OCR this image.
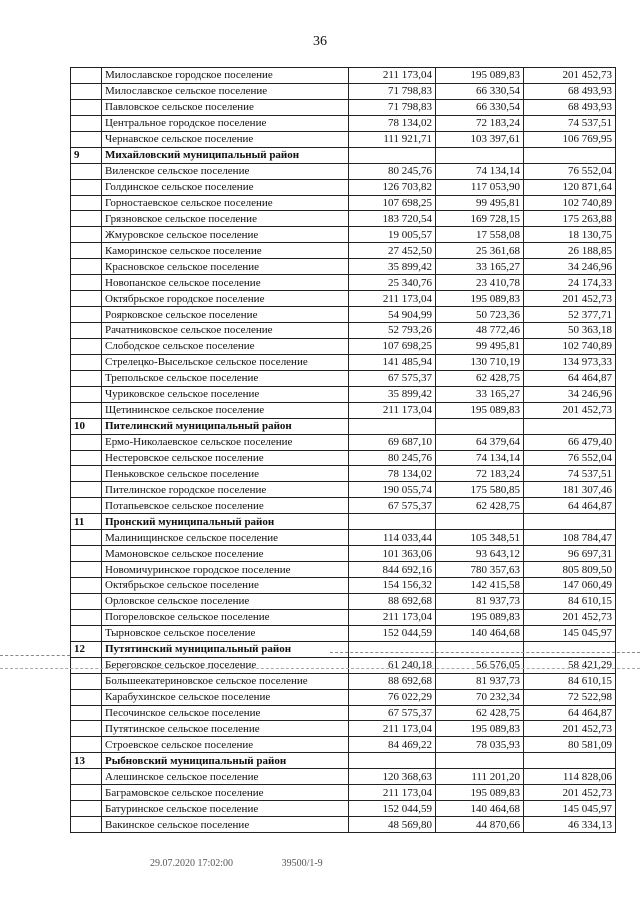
36
	Милославское городское поселение	211 173,04	195 089,83	201 452,73
	Милославское сельское поселение	71 798,83	66 330,54	68 493,93
	Павловское сельское поселение	71 798,83	66 330,54	68 493,93
	Центральное городское поселение	78 134,02	72 183,24	74 537,51
	Чернавское сельское поселение	111 921,71	103 397,61	106 769,95
9	Михайловский муниципальный район			
	Виленское сельское поселение	80 245,76	74 134,14	76 552,04
	Голдинское сельское поселение	126 703,82	117 053,90	120 871,64
	Горностаевское сельское поселение	107 698,25	99 495,81	102 740,89
	Грязновское сельское поселение	183 720,54	169 728,15	175 263,88
	Жмуровское сельское поселение	19 005,57	17 558,08	18 130,75
	Каморинское сельское поселение	27 452,50	25 361,68	26 188,85
	Красновское сельское поселение	35 899,42	33 165,27	34 246,96
	Новопанское сельское поселение	25 340,76	23 410,78	24 174,33
	Октябрьское городское поселение	211 173,04	195 089,83	201 452,73
	Poярковское сельское поселение	54 904,99	50 723,36	52 377,71
	Рачатниковское сельское поселение	52 793,26	48 772,46	50 363,18
	Слободское сельское поселение	107 698,25	99 495,81	102 740,89
	Стрелецко-Высельское сельское поселение	141 485,94	130 710,19	134 973,33
	Трепольское сельское поселение	67 575,37	62 428,75	64 464,87
	Чуриковское сельское поселение	35 899,42	33 165,27	34 246,96
	Щетининское сельское поселение	211 173,04	195 089,83	201 452,73
10	Пителинский муниципальный район			
	Ермо-Николаевское сельское поселение	69 687,10	64 379,64	66 479,40
	Нестеровское сельское поселение	80 245,76	74 134,14	76 552,04
	Пеньковское сельское поселение	78 134,02	72 183,24	74 537,51
	Пителинское городское поселение	190 055,74	175 580,85	181 307,46
	Потапьевское сельское поселение	67 575,37	62 428,75	64 464,87
11	Пронский муниципальный район			
	Малинищинское сельское поселение	114 033,44	105 348,51	108 784,47
	Мамоновское сельское поселение	101 363,06	93 643,12	96 697,31
	Новомичуринское городское поселение	844 692,16	780 357,63	805 809,50
	Октябрьское сельское поселение	154 156,32	142 415,58	147 060,49
	Орловское сельское поселение	88 692,68	81 937,73	84 610,15
	Погореловское сельское поселение	211 173,04	195 089,83	201 452,73
	Тырновское сельское поселение	152 044,59	140 464,68	145 045,97
12	Путятинский муниципальный район			
	Береговское сельское поселение	61 240,18	56 576,05	58 421,29
	Большеекатериновское сельское поселение	88 692,68	81 937,73	84 610,15
	Карабухинское сельское поселение	76 022,29	70 232,34	72 522,98
	Песочинское сельское поселение	67 575,37	62 428,75	64 464,87
	Путятинское сельское поселение	211 173,04	195 089,83	201 452,73
	Строевское сельское поселение	84 469,22	78 035,93	80 581,09
13	Рыбновский муниципальный район			
	Алешинское сельское поселение	120 368,63	111 201,20	114 828,06
	Баграмовское сельское поселение	211 173,04	195 089,83	201 452,73
	Батуринское сельское поселение	152 044,59	140 464,68	145 045,97
	Вакинское сельское поселение	48 569,80	44 870,66	46 334,13
29.07.2020 17:02:00	39500/1-9
